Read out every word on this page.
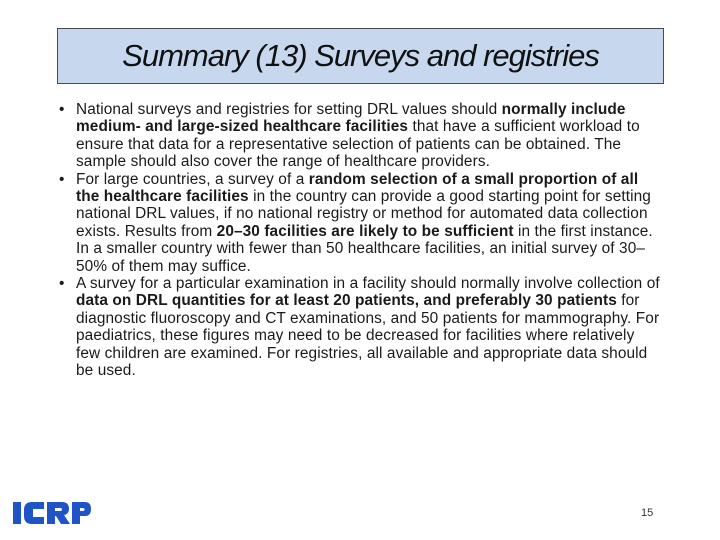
Summary (13) Surveys and registries
• National surveys and registries for setting DRL values should normally include medium- and large-sized healthcare facilities that have a sufficient workload to ensure that data for a representative selection of patients can be obtained. The sample should also cover the range of healthcare providers.
• For large countries, a survey of a random selection of a small proportion of all the healthcare facilities in the country can provide a good starting point for setting national DRL values, if no national registry or method for automated data collection exists. Results from 20–30 facilities are likely to be sufficient in the first instance. In a smaller country with fewer than 50 healthcare facilities, an initial survey of 30–50% of them may suffice.
• A survey for a particular examination in a facility should normally involve collection of data on DRL quantities for at least 20 patients, and preferably 30 patients for diagnostic fluoroscopy and CT examinations, and 50 patients for mammography. For paediatrics, these figures may need to be decreased for facilities where relatively few children are examined. For registries, all available and appropriate data should be used.
15
